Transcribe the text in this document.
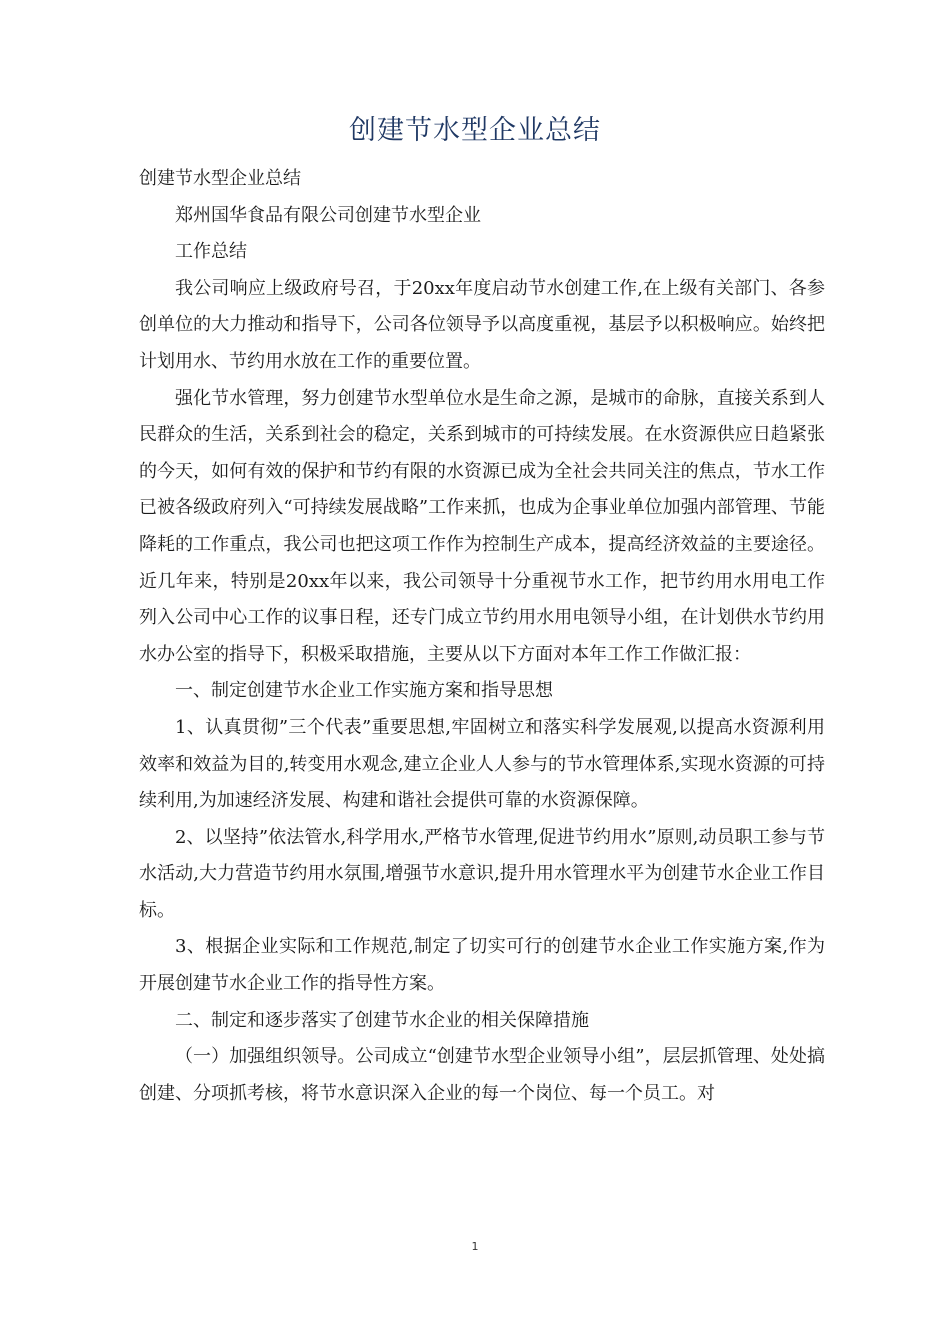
创建节水型企业总结

创建节水型企业总结

郑州国华食品有限公司创建节水型企业

工作总结

我公司响应上级政府号召，于20xx年度启动节水创建工作,在上级有关部门、各参创单位的大力推动和指导下，公司各位领导予以高度重视，基层予以积极响应。始终把计划用水、节约用水放在工作的重要位置。

强化节水管理，努力创建节水型单位水是生命之源，是城市的命脉，直接关系到人民群众的生活，关系到社会的稳定，关系到城市的可持续发展。在水资源供应日趋紧张的今天，如何有效的保护和节约有限的水资源已成为全社会共同关注的焦点，节水工作已被各级政府列入“可持续发展战略”工作来抓，也成为企事业单位加强内部管理、节能降耗的工作重点，我公司也把这项工作作为控制生产成本，提高经济效益的主要途径。近几年来，特别是20xx年以来，我公司领导十分重视节水工作，把节约用水用电工作列入公司中心工作的议事日程，还专门成立节约用水用电领导小组，在计划供水节约用水办公室的指导下，积极采取措施，主要从以下方面对本年工作工作做汇报：

一、制定创建节水企业工作实施方案和指导思想

1、认真贯彻”三个代表”重要思想,牢固树立和落实科学发展观,以提高水资源利用效率和效益为目的,转变用水观念,建立企业人人参与的节水管理体系,实现水资源的可持续利用,为加速经济发展、构建和谐社会提供可靠的水资源保障。

2、以坚持”依法管水,科学用水,严格节水管理,促进节约用水”原则,动员职工参与节水活动,大力营造节约用水氛围,增强节水意识,提升用水管理水平为创建节水企业工作目标。

3、根据企业实际和工作规范,制定了切实可行的创建节水企业工作实施方案,作为开展创建节水企业工作的指导性方案。

二、制定和逐步落实了创建节水企业的相关保障措施

（一）加强组织领导。公司成立“创建节水型企业领导小组”，层层抓管理、处处搞创建、分项抓考核，将节水意识深入企业的每一个岗位、每一个员工。对

1
